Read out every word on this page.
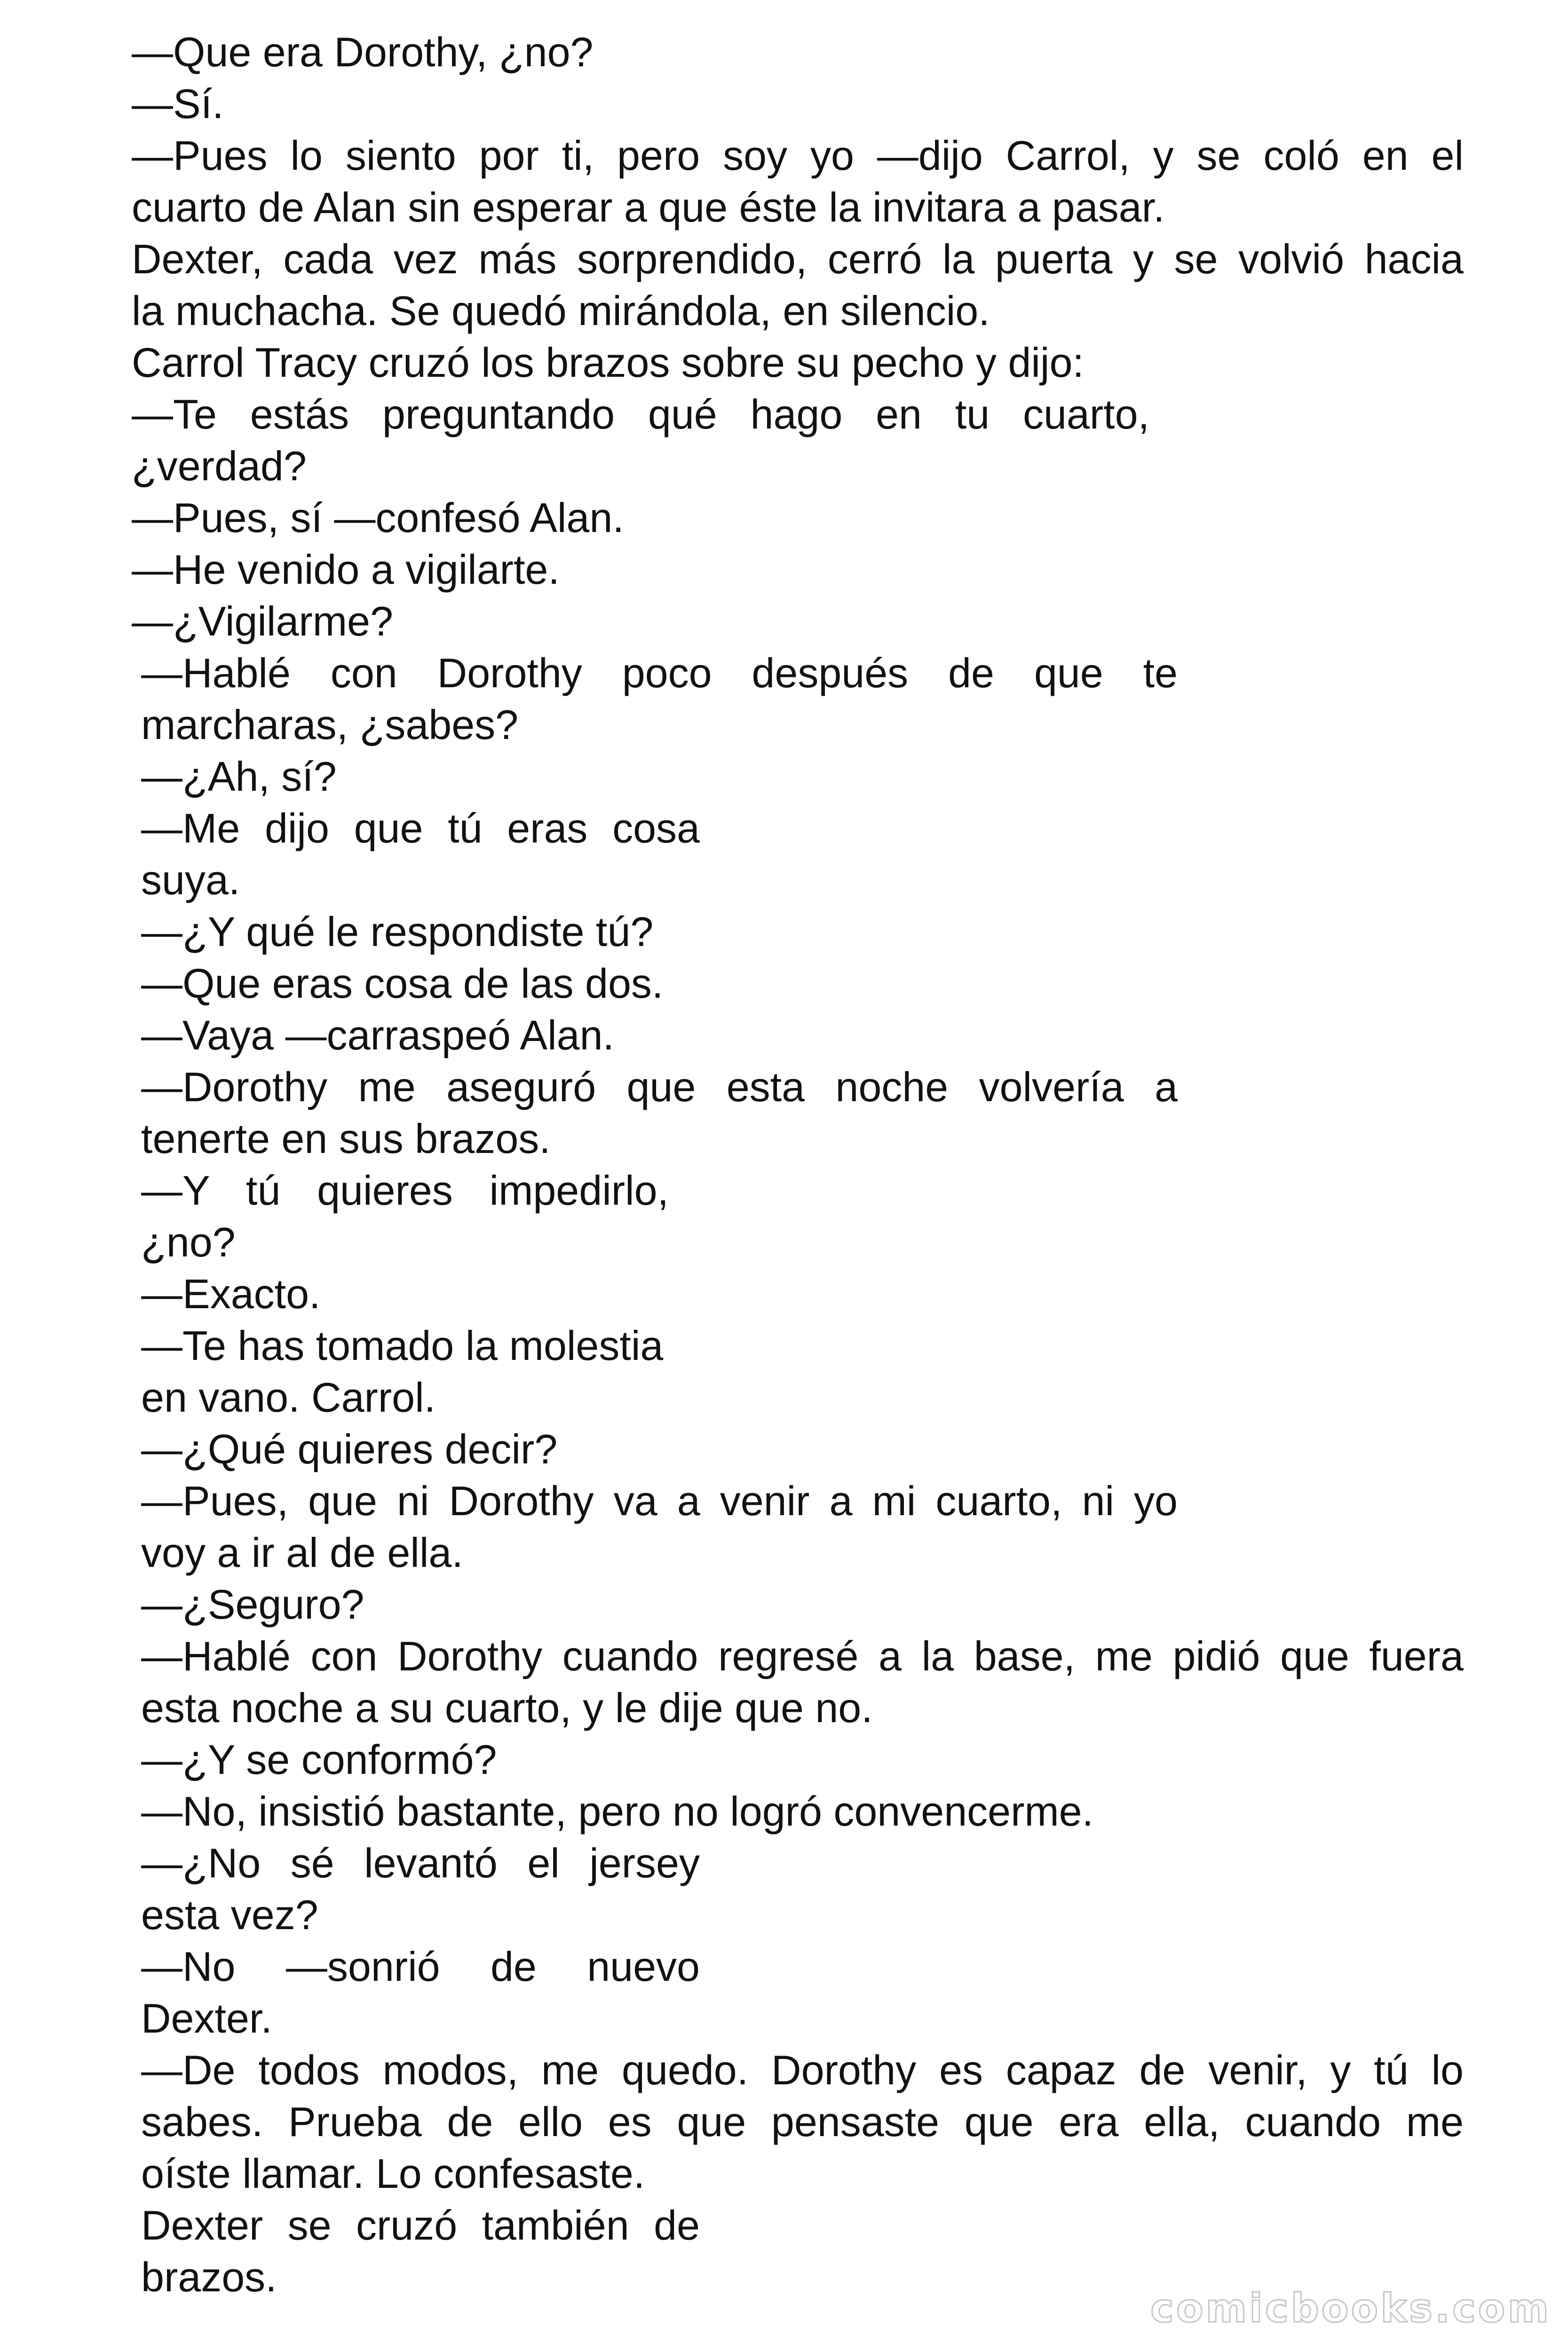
—Que era Dorothy, ¿no?
—Sí.
—Pues lo siento por ti, pero soy yo —dijo Carrol, y se coló en el
cuarto de Alan sin esperar a que éste la invitara a pasar.
Dexter, cada vez más sorprendido, cerró la puerta y se volvió hacia
la muchacha. Se quedó mirándola, en silencio.
Carrol Tracy cruzó los brazos sobre su pecho y dijo:
—Te estás preguntando qué hago en tu cuarto,
¿verdad?
—Pues, sí —confesó Alan.
—He venido a vigilarte.
—¿Vigilarme?
—Hablé con Dorothy poco después de que te
marcharas, ¿sabes?
—¿Ah, sí?
—Me dijo que tú eras cosa
suya.
—¿Y qué le respondiste tú?
—Que eras cosa de las dos.
—Vaya —carraspeó Alan.
—Dorothy me aseguró que esta noche volvería a
tenerte en sus brazos.
—Y tú quieres impedirlo,
¿no?
—Exacto.
—Te has tomado la molestia
en vano. Carrol.
—¿Qué quieres decir?
—Pues, que ni Dorothy va a venir a mi cuarto, ni yo
voy a ir al de ella.
—¿Seguro?
—Hablé con Dorothy cuando regresé a la base, me pidió que fuera
esta noche a su cuarto, y le dije que no.
—¿Y se conformó?
—No, insistió bastante, pero no logró convencerme.
—¿No sé levantó el jersey
esta vez?
—No —sonrió de nuevo
Dexter.
—De todos modos, me quedo. Dorothy es capaz de venir, y tú lo
sabes. Prueba de ello es que pensaste que era ella, cuando me
oíste llamar. Lo confesaste.
Dexter se cruzó también de
brazos.
comicbooks.com
